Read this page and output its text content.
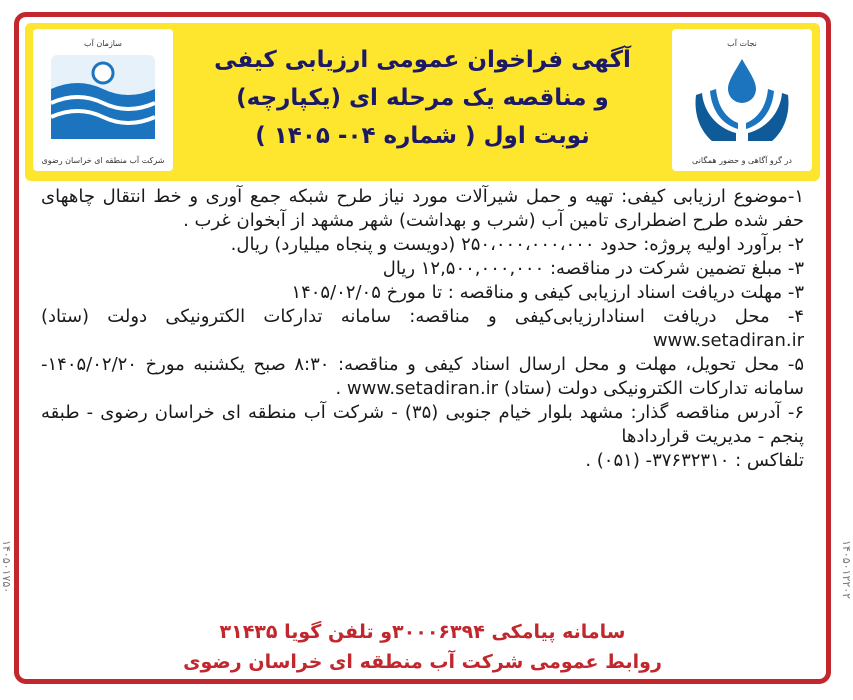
سازمان آب
شرکت آب منطقه ای خراسان رضوی
آگهی فراخوان عمومی ارزیابی کیفی
و مناقصه یک مرحله ای (یکپارچه)
نوبت اول ( شماره ۰۴- ۱۴۰۵ )
نجات آب
در گرو آگاهی و حضور همگانی

۱-موضوع ارزیابی کیفی: تهیه و حمل شیرآلات مورد نیاز طرح شبکه جمع آوری و خط انتقال چاههای حفر شده طرح اضطراری تامین آب (شرب و بهداشت) شهر مشهد از آبخوان غرب .

۲- برآورد اولیه پروژه: حدود ۲۵۰،۰۰۰،۰۰۰،۰۰۰ (دویست و پنجاه میلیارد) ریال.

۳- مبلغ تضمین شرکت در مناقصه: ۱۲,۵۰۰,۰۰۰,۰۰۰ ریال

۳- مهلت دریافت اسناد ارزیابی کیفی و مناقصه : تا مورخ ۱۴۰۵/۰۲/۰۵

۴- محل دریافت اسنادارزیابی‌کیفی و مناقصه: سامانه تدارکات الکترونیکی دولت (ستاد) www.setadiran.ir

۵- محل تحویل، مهلت و محل ارسال اسناد کیفی و مناقصه: ۸:۳۰ صبح یکشنبه مورخ ۱۴۰۵/۰۲/۲۰- سامانه تدارکات الکترونیکی دولت (ستاد) www.setadiran.ir .

۶- آدرس مناقصه گذار: مشهد بلوار خیام جنوبی (۳۵) - شرکت آب منطقه ای خراسان رضوی - طبقه پنجم - مدیریت قراردادها

تلفاکس : ۳۷۶۳۲۳۱۰- (۰۵۱) .

سامانه پیامکی ۳۰۰۰۶۳۹۴و تلفن گویا ۳۱۴۳۵
روابط عمومی شرکت آب منطقه ای خراسان رضوی
۱۴۰۵۰۱۷۵۰	۱۴۰۵۰۱۲۲۰۲
